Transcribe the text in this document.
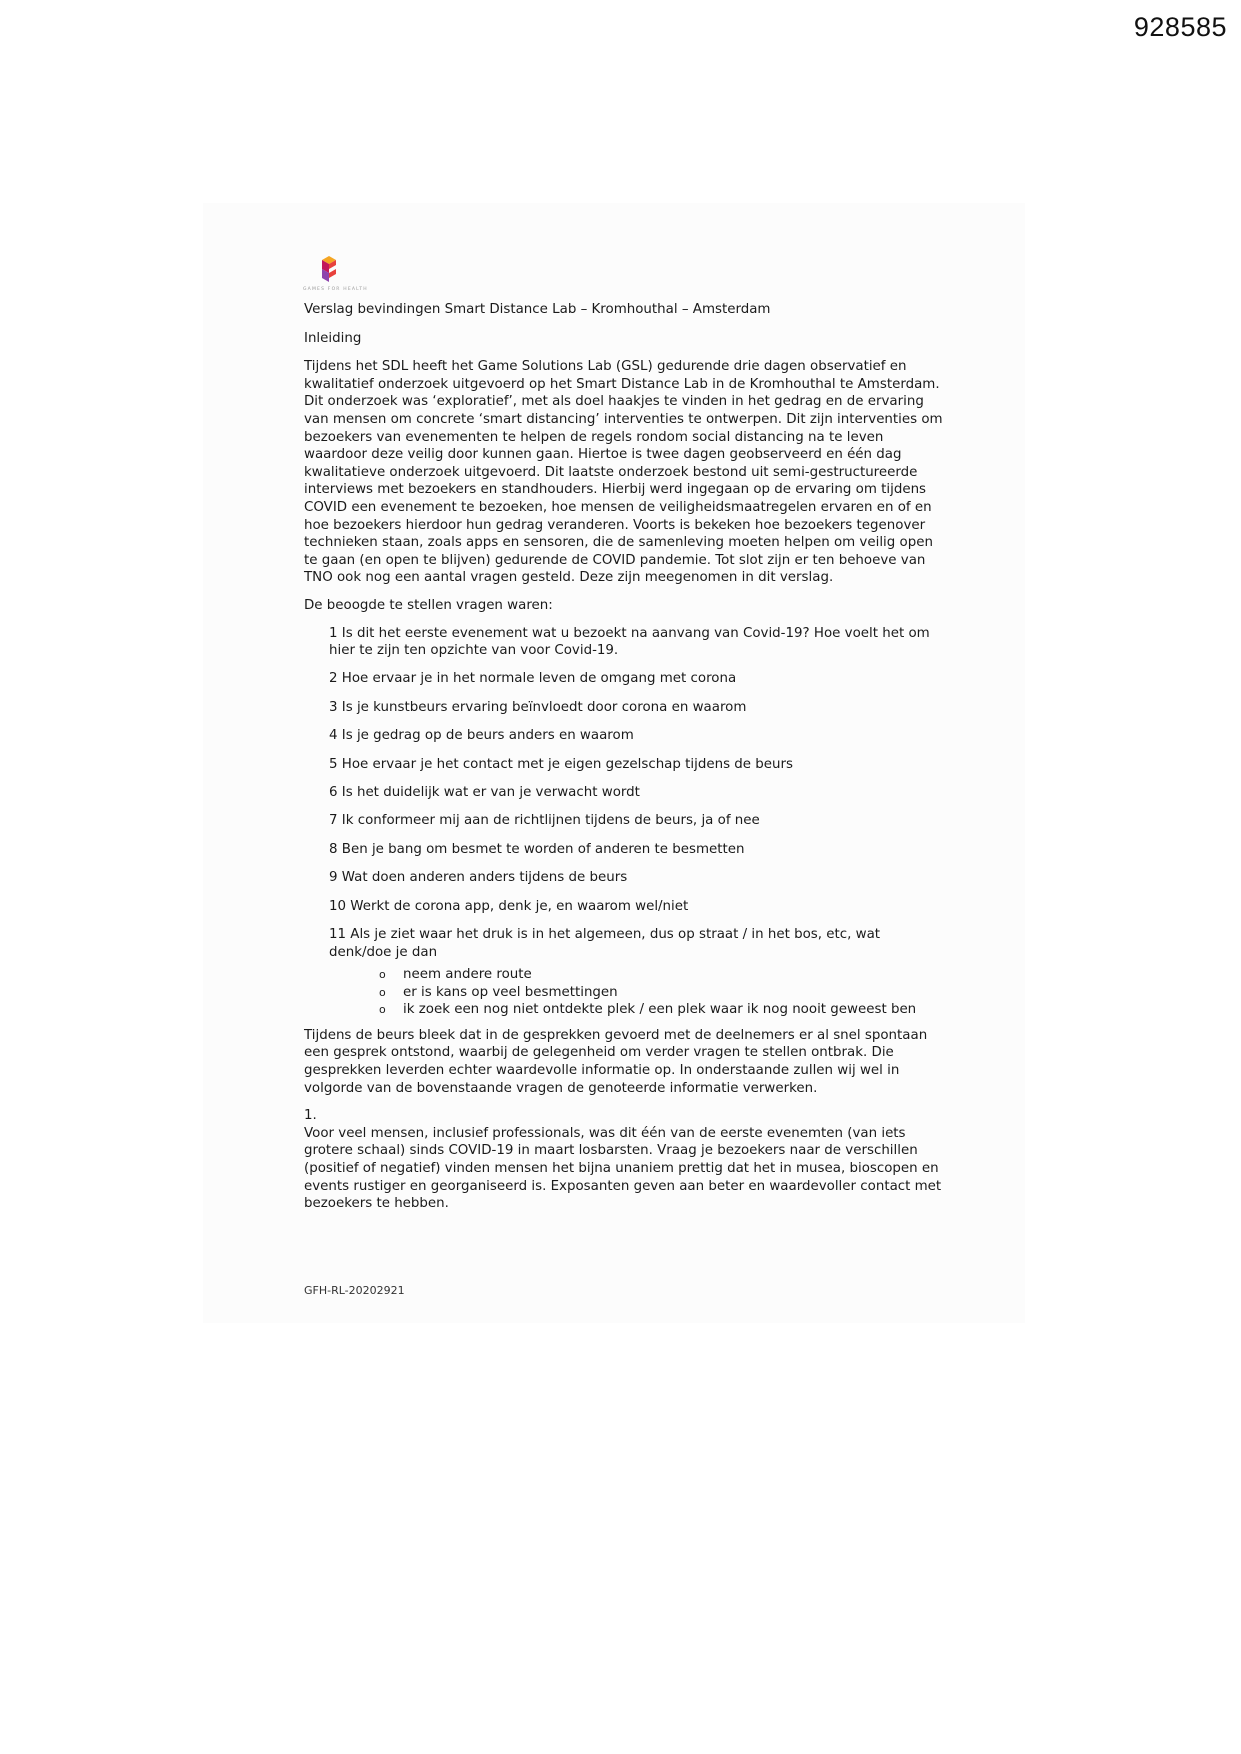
928585
GAMES FOR HEALTH

Verslag bevindingen Smart Distance Lab – Kromhouthal – Amsterdam

Inleiding

Tijdens het SDL heeft het Game Solutions Lab (GSL) gedurende drie dagen observatief en kwalitatief onderzoek uitgevoerd op het Smart Distance Lab in de Kromhouthal te Amsterdam. Dit onderzoek was ‘exploratief’, met als doel haakjes te vinden in het gedrag en de ervaring van mensen om concrete ‘smart distancing’ interventies te ontwerpen. Dit zijn interventies om bezoekers van evenementen te helpen de regels rondom social distancing na te leven waardoor deze veilig door kunnen gaan. Hiertoe is twee dagen geobserveerd en één dag kwalitatieve onderzoek uitgevoerd. Dit laatste onderzoek bestond uit semi-gestructureerde interviews met bezoekers en standhouders. Hierbij werd ingegaan op de ervaring om tijdens COVID een evenement te bezoeken, hoe mensen de veiligheidsmaatregelen ervaren en of en hoe bezoekers hierdoor hun gedrag veranderen. Voorts is bekeken hoe bezoekers tegenover technieken staan, zoals apps en sensoren, die de samenleving moeten helpen om veilig open te gaan (en open te blijven) gedurende de COVID pandemie. Tot slot zijn er ten behoeve van TNO ook nog een aantal vragen gesteld. Deze zijn meegenomen in dit verslag.

De beoogde te stellen vragen waren:

1 Is dit het eerste evenement wat u bezoekt na aanvang van Covid-19? Hoe voelt het om hier te zijn ten opzichte van voor Covid-19.
2 Hoe ervaar je in het normale leven de omgang met corona
3 Is je kunstbeurs ervaring beïnvloedt door corona en waarom
4 Is je gedrag op de beurs anders en waarom
5 Hoe ervaar je het contact met je eigen gezelschap tijdens de beurs
6 Is het duidelijk wat er van je verwacht wordt
7 Ik conformeer mij aan de richtlijnen tijdens de beurs, ja of nee
8 Ben je bang om besmet te worden of anderen te besmetten
9 Wat doen anderen anders tijdens de beurs
10 Werkt de corona app, denk je, en waarom wel/niet
11 Als je ziet waar het druk is in het algemeen, dus op straat / in het bos, etc, wat denk/doe je dan
o neem andere route
o er is kans op veel besmettingen
o ik zoek een nog niet ontdekte plek / een plek waar ik nog nooit geweest ben

Tijdens de beurs bleek dat in de gesprekken gevoerd met de deelnemers er al snel spontaan een gesprek ontstond, waarbij de gelegenheid om verder vragen te stellen ontbrak. Die gesprekken leverden echter waardevolle informatie op. In onderstaande zullen wij wel in volgorde van de bovenstaande vragen de genoteerde informatie verwerken.

1.

Voor veel mensen, inclusief professionals, was dit één van de eerste evenemten (van iets grotere schaal) sinds COVID-19 in maart losbarsten. Vraag je bezoekers naar de verschillen (positief of negatief) vinden mensen het bijna unaniem prettig dat het in musea, bioscopen en events rustiger en georganiseerd is. Exposanten geven aan beter en waardevoller contact met bezoekers te hebben.

GFH-RL-20202921
